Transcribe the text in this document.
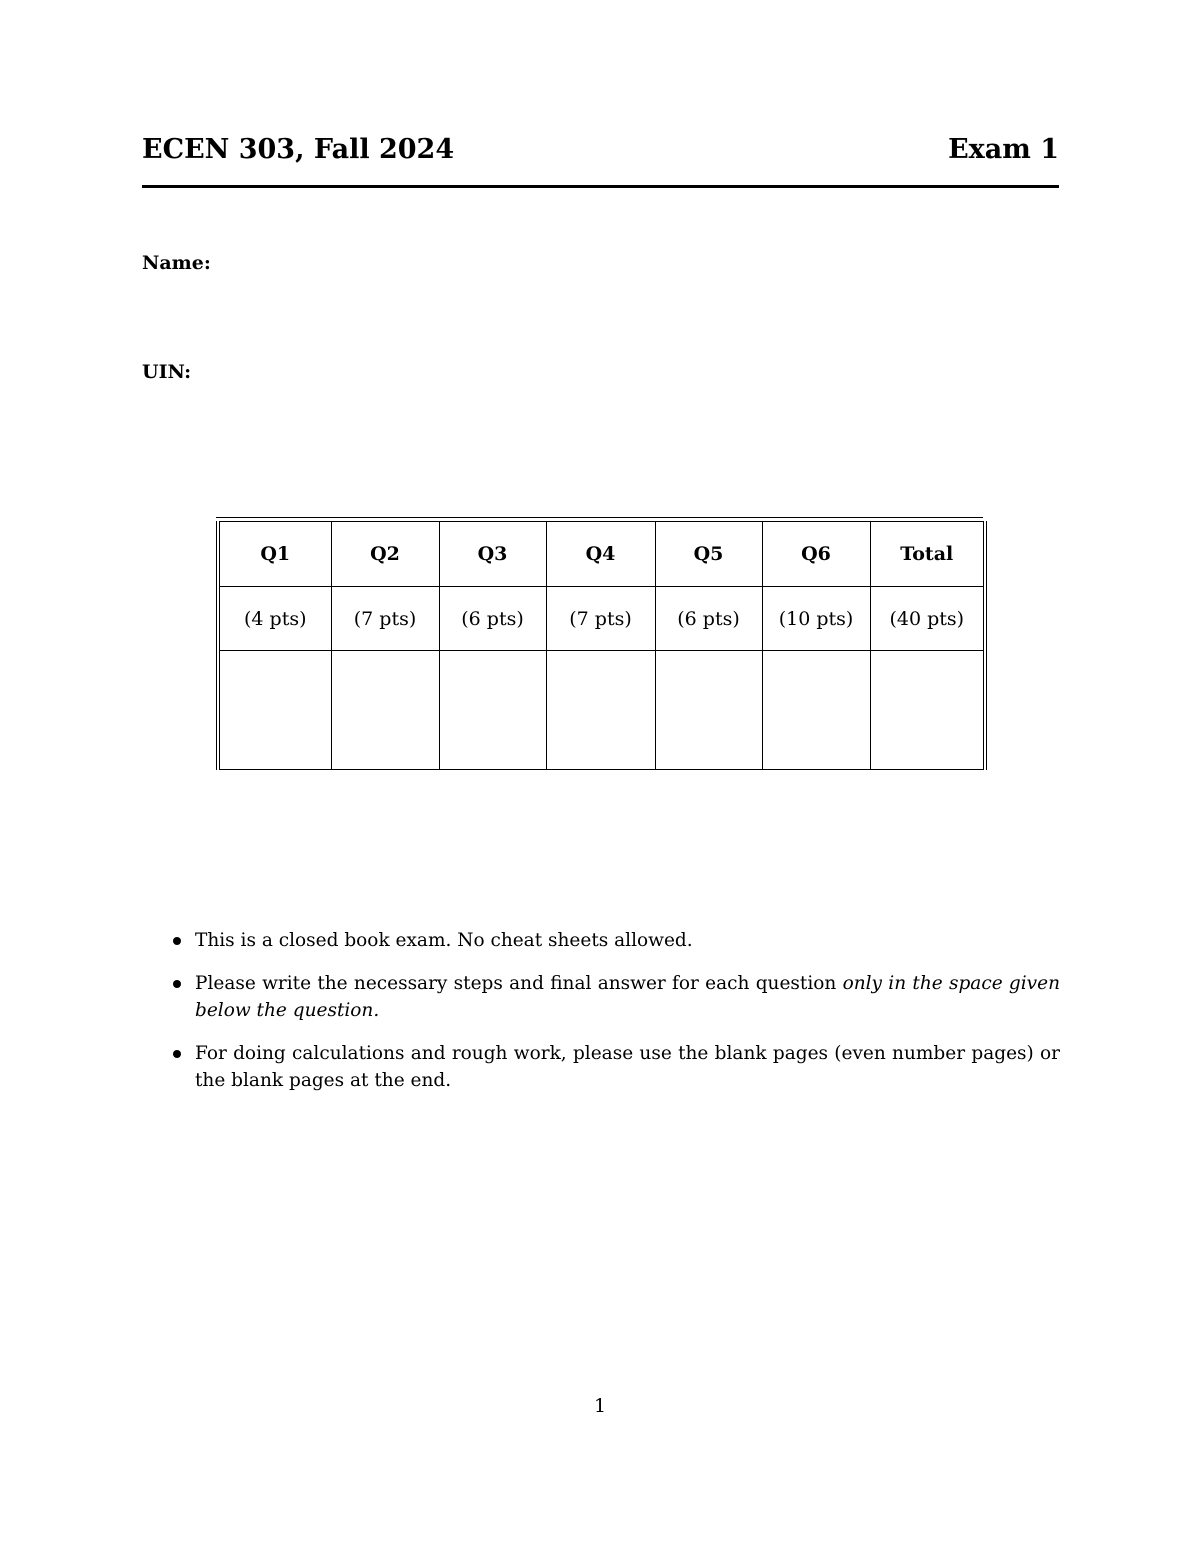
ECEN 303, Fall 2024	Exam 1
Name:
UIN:
Q1	Q2	Q3	Q4	Q5	Q6	Total
(4 pts)	(7 pts)	(6 pts)	(7 pts)	(6 pts)	(10 pts)	(40 pts)

This is a closed book exam. No cheat sheets allowed.
Please write the necessary steps and final answer for each question only in the space given below the question.
For doing calculations and rough work, please use the blank pages (even number pages) or the blank pages at the end.
1
